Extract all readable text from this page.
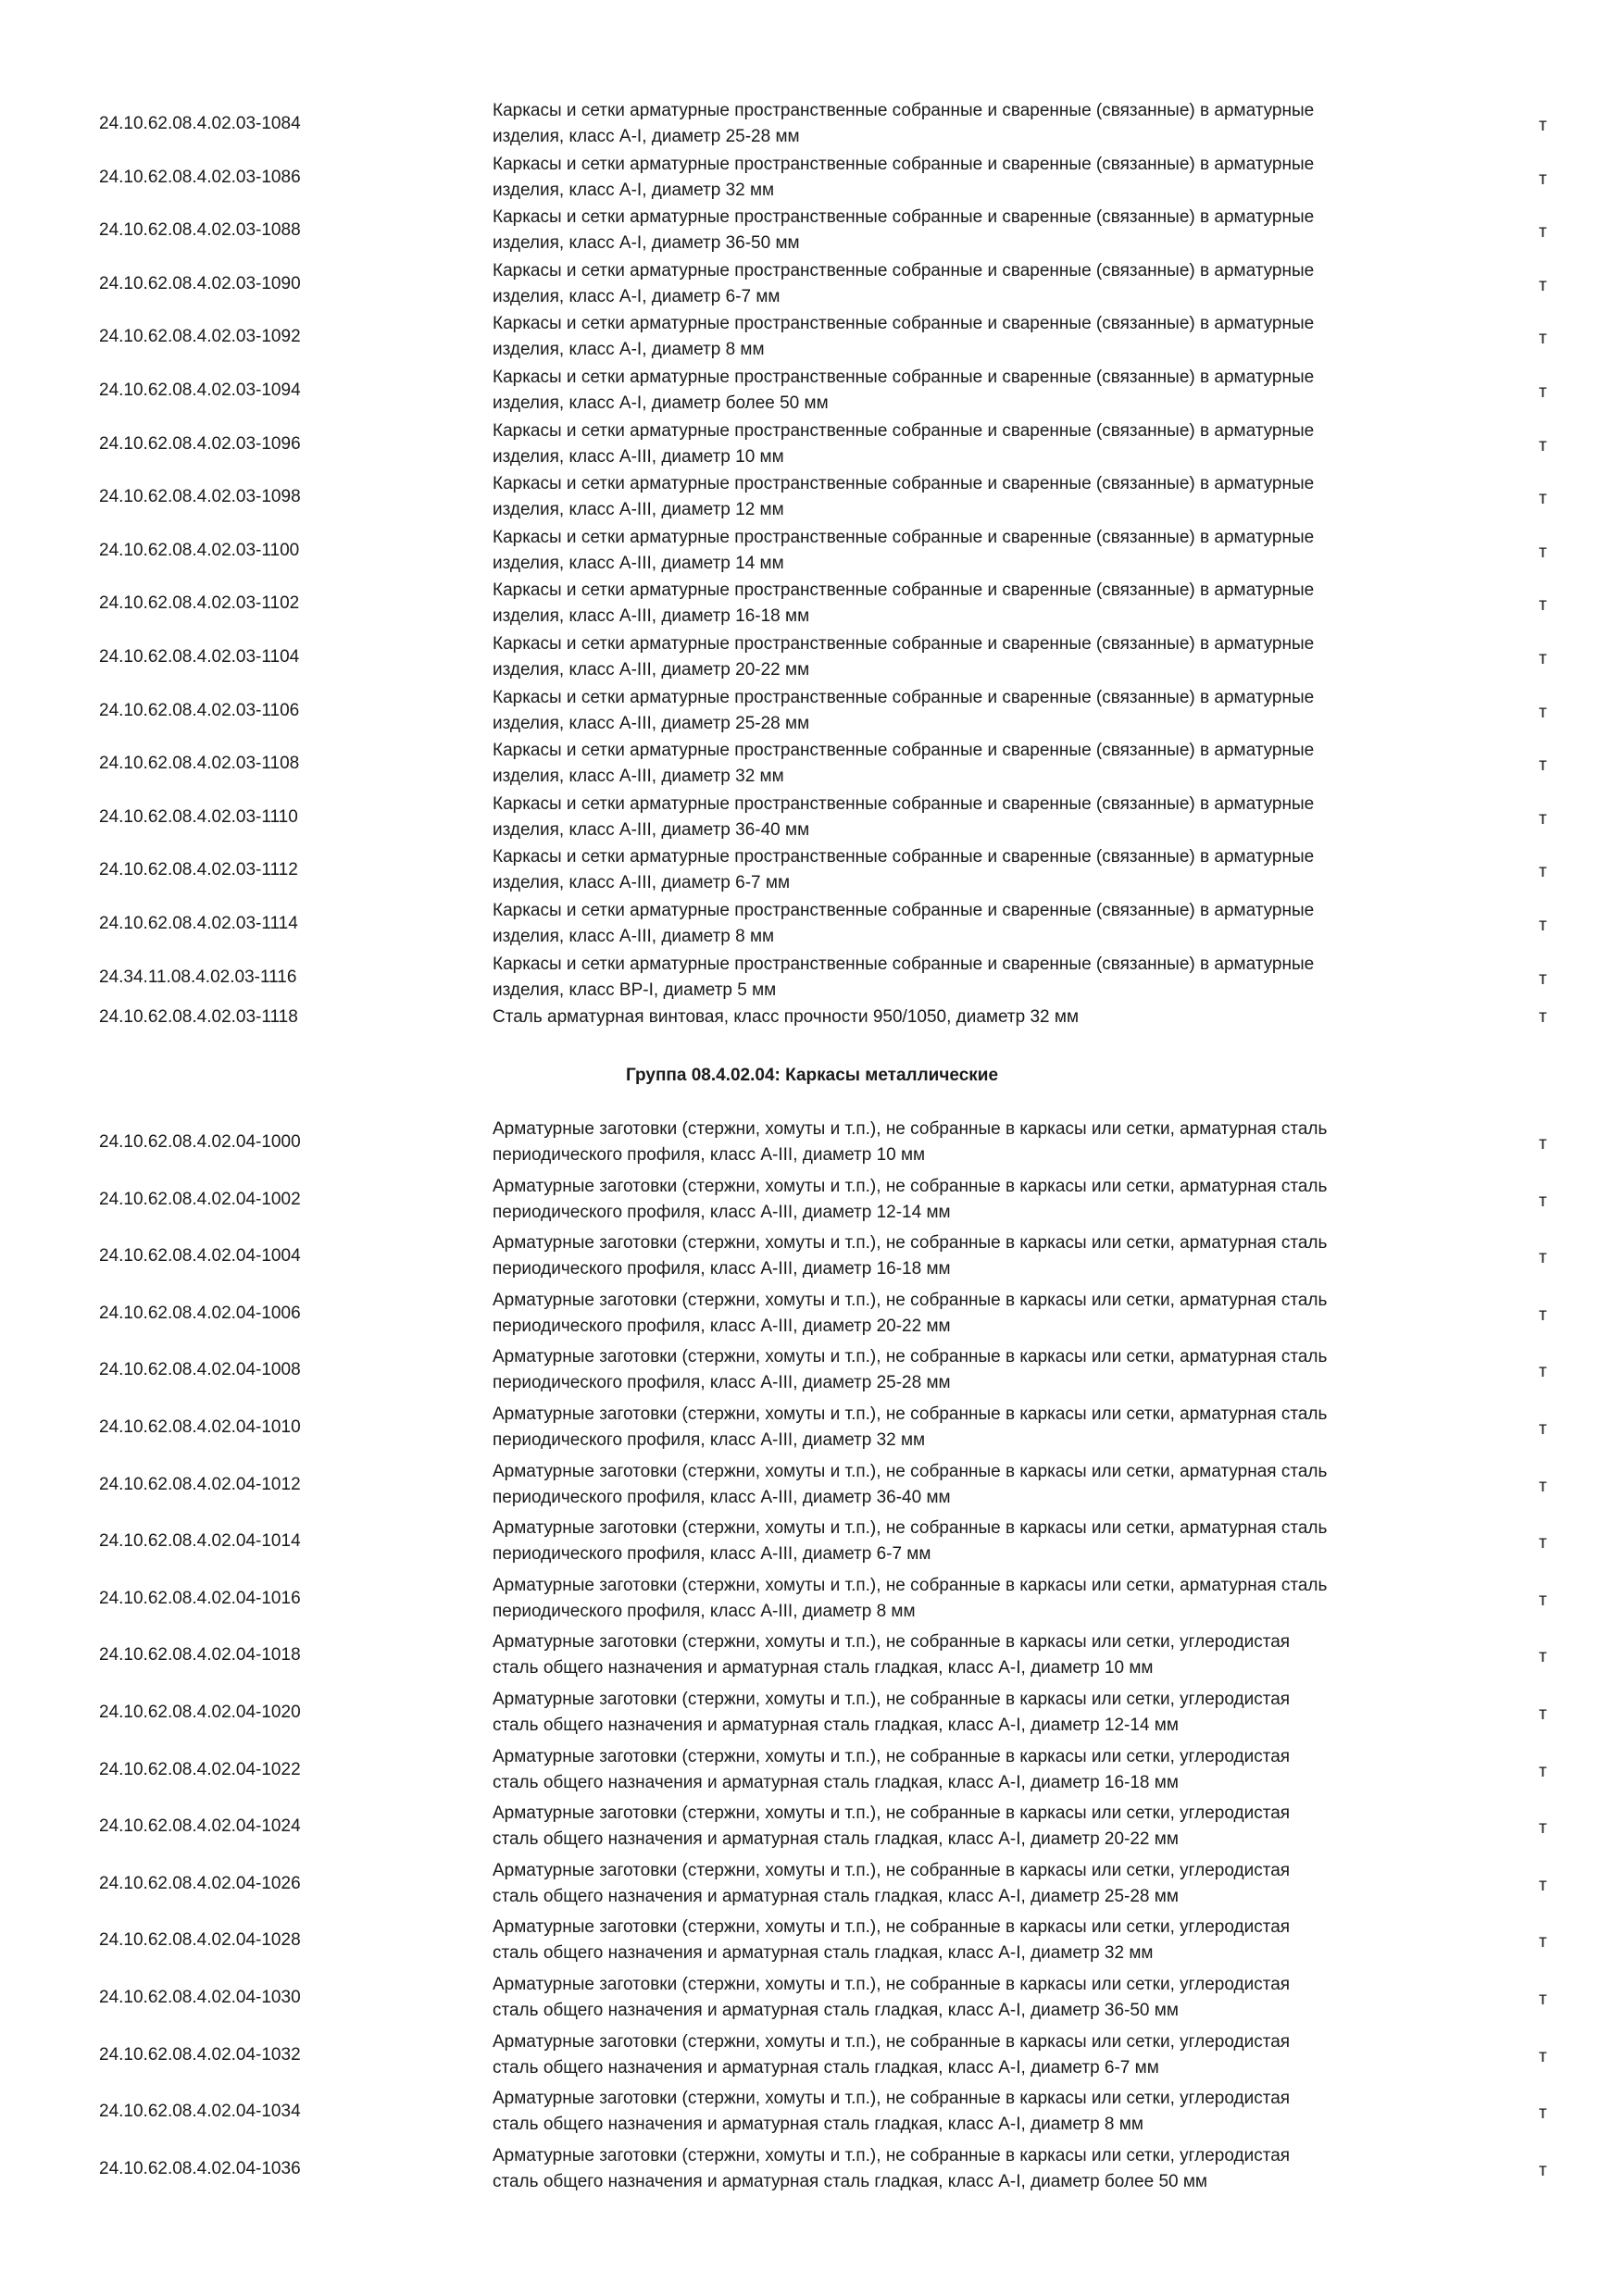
24.10.62.08.4.02.03-1084
Каркасы и сетки арматурные пространственные собранные и сваренные (связанные) в арматурные
изделия, класс А-I, диаметр 25-28 мм
т
24.10.62.08.4.02.03-1086
Каркасы и сетки арматурные пространственные собранные и сваренные (связанные) в арматурные
изделия, класс А-I, диаметр 32 мм
т
24.10.62.08.4.02.03-1088
Каркасы и сетки арматурные пространственные собранные и сваренные (связанные) в арматурные
изделия, класс А-I, диаметр 36-50 мм
т
24.10.62.08.4.02.03-1090
Каркасы и сетки арматурные пространственные собранные и сваренные (связанные) в арматурные
изделия, класс А-I, диаметр 6-7 мм
т
24.10.62.08.4.02.03-1092
Каркасы и сетки арматурные пространственные собранные и сваренные (связанные) в арматурные
изделия, класс А-I, диаметр 8 мм
т
24.10.62.08.4.02.03-1094
Каркасы и сетки арматурные пространственные собранные и сваренные (связанные) в арматурные
изделия, класс А-I, диаметр более 50 мм
т
24.10.62.08.4.02.03-1096
Каркасы и сетки арматурные пространственные собранные и сваренные (связанные) в арматурные
изделия, класс А-III, диаметр 10 мм
т
24.10.62.08.4.02.03-1098
Каркасы и сетки арматурные пространственные собранные и сваренные (связанные) в арматурные
изделия, класс А-III, диаметр 12 мм
т
24.10.62.08.4.02.03-1100
Каркасы и сетки арматурные пространственные собранные и сваренные (связанные) в арматурные
изделия, класс А-III, диаметр 14 мм
т
24.10.62.08.4.02.03-1102
Каркасы и сетки арматурные пространственные собранные и сваренные (связанные) в арматурные
изделия, класс А-III, диаметр 16-18 мм
т
24.10.62.08.4.02.03-1104
Каркасы и сетки арматурные пространственные собранные и сваренные (связанные) в арматурные
изделия, класс А-III, диаметр 20-22 мм
т
24.10.62.08.4.02.03-1106
Каркасы и сетки арматурные пространственные собранные и сваренные (связанные) в арматурные
изделия, класс А-III, диаметр 25-28 мм
т
24.10.62.08.4.02.03-1108
Каркасы и сетки арматурные пространственные собранные и сваренные (связанные) в арматурные
изделия, класс А-III, диаметр 32 мм
т
24.10.62.08.4.02.03-1110
Каркасы и сетки арматурные пространственные собранные и сваренные (связанные) в арматурные
изделия, класс А-III, диаметр 36-40 мм
т
24.10.62.08.4.02.03-1112
Каркасы и сетки арматурные пространственные собранные и сваренные (связанные) в арматурные
изделия, класс А-III, диаметр 6-7 мм
т
24.10.62.08.4.02.03-1114
Каркасы и сетки арматурные пространственные собранные и сваренные (связанные) в арматурные
изделия, класс А-III, диаметр 8 мм
т
24.34.11.08.4.02.03-1116
Каркасы и сетки арматурные пространственные собранные и сваренные (связанные) в арматурные
изделия, класс ВР-I, диаметр 5 мм
т
24.10.62.08.4.02.03-1118	Сталь арматурная винтовая, класс прочности 950/1050, диаметр 32 мм	т
Группа 08.4.02.04: Каркасы металлические
24.10.62.08.4.02.04-1000
Арматурные заготовки (стержни, хомуты и т.п.), не собранные в каркасы или сетки, арматурная сталь
периодического профиля, класс А-III, диаметр 10 мм
т
24.10.62.08.4.02.04-1002
Арматурные заготовки (стержни, хомуты и т.п.), не собранные в каркасы или сетки, арматурная сталь
периодического профиля, класс А-III, диаметр 12-14 мм
т
24.10.62.08.4.02.04-1004
Арматурные заготовки (стержни, хомуты и т.п.), не собранные в каркасы или сетки, арматурная сталь
периодического профиля, класс А-III, диаметр 16-18 мм
т
24.10.62.08.4.02.04-1006
Арматурные заготовки (стержни, хомуты и т.п.), не собранные в каркасы или сетки, арматурная сталь
периодического профиля, класс А-III, диаметр 20-22 мм
т
24.10.62.08.4.02.04-1008
Арматурные заготовки (стержни, хомуты и т.п.), не собранные в каркасы или сетки, арматурная сталь
периодического профиля, класс А-III, диаметр 25-28 мм
т
24.10.62.08.4.02.04-1010
Арматурные заготовки (стержни, хомуты и т.п.), не собранные в каркасы или сетки, арматурная сталь
периодического профиля, класс А-III, диаметр 32 мм
т
24.10.62.08.4.02.04-1012
Арматурные заготовки (стержни, хомуты и т.п.), не собранные в каркасы или сетки, арматурная сталь
периодического профиля, класс А-III, диаметр 36-40 мм
т
24.10.62.08.4.02.04-1014
Арматурные заготовки (стержни, хомуты и т.п.), не собранные в каркасы или сетки, арматурная сталь
периодического профиля, класс А-III, диаметр 6-7 мм
т
24.10.62.08.4.02.04-1016
Арматурные заготовки (стержни, хомуты и т.п.), не собранные в каркасы или сетки, арматурная сталь
периодического профиля, класс А-III, диаметр 8 мм
т
24.10.62.08.4.02.04-1018
Арматурные заготовки (стержни, хомуты и т.п.), не собранные в каркасы или сетки, углеродистая
сталь общего назначения и арматурная сталь гладкая, класс А-I, диаметр 10 мм
т
24.10.62.08.4.02.04-1020
Арматурные заготовки (стержни, хомуты и т.п.), не собранные в каркасы или сетки, углеродистая
сталь общего назначения и арматурная сталь гладкая, класс А-I, диаметр 12-14 мм
т
24.10.62.08.4.02.04-1022
Арматурные заготовки (стержни, хомуты и т.п.), не собранные в каркасы или сетки, углеродистая
сталь общего назначения и арматурная сталь гладкая, класс А-I, диаметр 16-18 мм
т
24.10.62.08.4.02.04-1024
Арматурные заготовки (стержни, хомуты и т.п.), не собранные в каркасы или сетки, углеродистая
сталь общего назначения и арматурная сталь гладкая, класс А-I, диаметр 20-22 мм
т
24.10.62.08.4.02.04-1026
Арматурные заготовки (стержни, хомуты и т.п.), не собранные в каркасы или сетки, углеродистая
сталь общего назначения и арматурная сталь гладкая, класс А-I, диаметр 25-28 мм
т
24.10.62.08.4.02.04-1028
Арматурные заготовки (стержни, хомуты и т.п.), не собранные в каркасы или сетки, углеродистая
сталь общего назначения и арматурная сталь гладкая, класс А-I, диаметр 32 мм
т
24.10.62.08.4.02.04-1030
Арматурные заготовки (стержни, хомуты и т.п.), не собранные в каркасы или сетки, углеродистая
сталь общего назначения и арматурная сталь гладкая, класс А-I, диаметр 36-50 мм
т
24.10.62.08.4.02.04-1032
Арматурные заготовки (стержни, хомуты и т.п.), не собранные в каркасы или сетки, углеродистая
сталь общего назначения и арматурная сталь гладкая, класс А-I, диаметр 6-7 мм
т
24.10.62.08.4.02.04-1034
Арматурные заготовки (стержни, хомуты и т.п.), не собранные в каркасы или сетки, углеродистая
сталь общего назначения и арматурная сталь гладкая, класс А-I, диаметр 8 мм
т
24.10.62.08.4.02.04-1036
Арматурные заготовки (стержни, хомуты и т.п.), не собранные в каркасы или сетки, углеродистая
сталь общего назначения и арматурная сталь гладкая, класс А-I, диаметр более 50 мм
т
